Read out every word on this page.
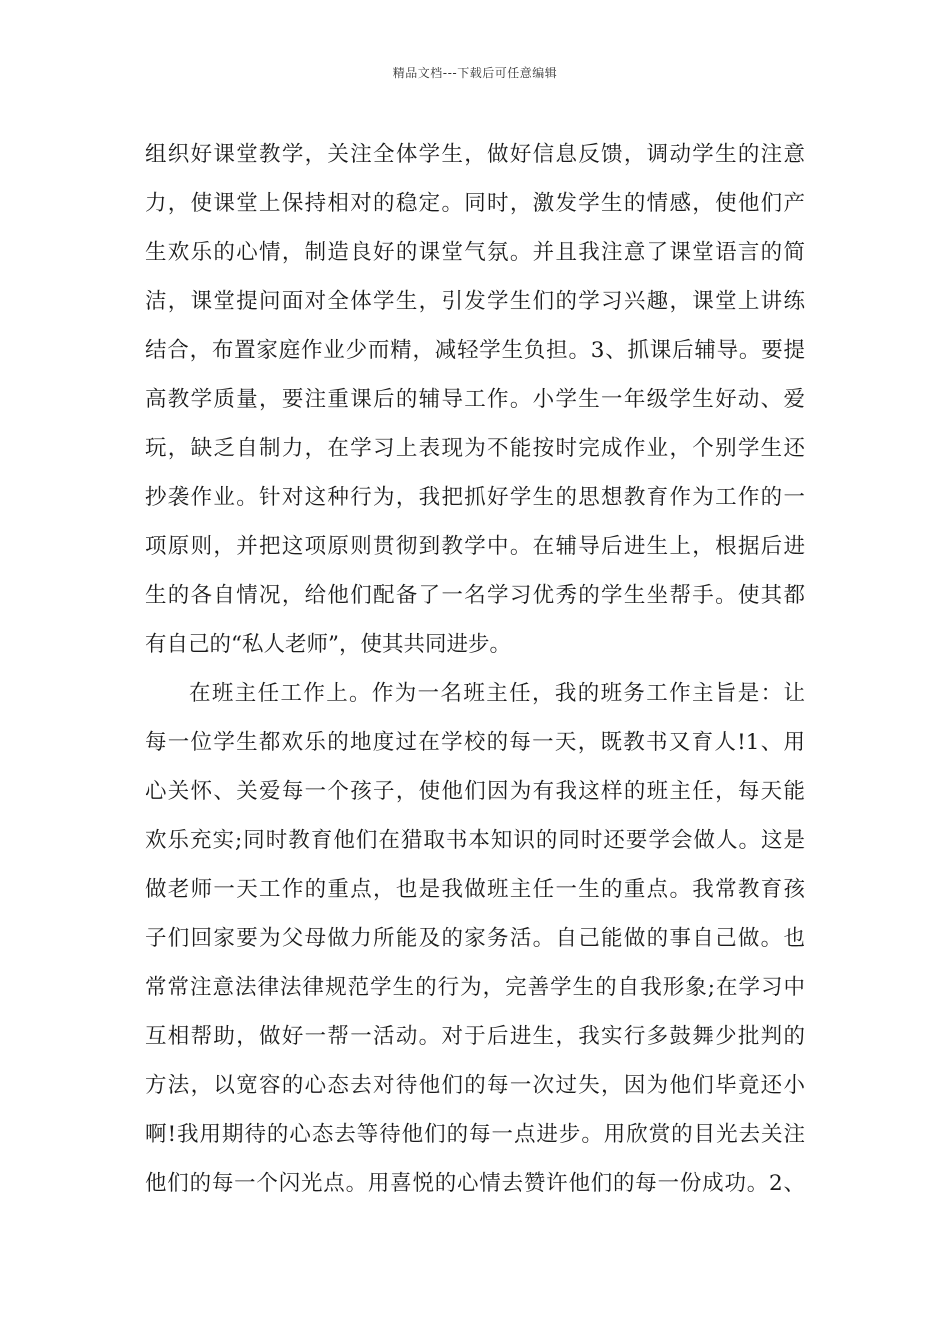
精品文档---下载后可任意编辑
组织好课堂教学，关注全体学生，做好信息反馈，调动学生的注意
力，使课堂上保持相对的稳定。同时，激发学生的情感，使他们产
生欢乐的心情，制造良好的课堂气氛。并且我注意了课堂语言的简
洁，课堂提问面对全体学生，引发学生们的学习兴趣，课堂上讲练
结合，布置家庭作业少而精，减轻学生负担。3、抓课后辅导。要提
高教学质量，要注重课后的辅导工作。小学生一年级学生好动、爱
玩，缺乏自制力，在学习上表现为不能按时完成作业，个别学生还
抄袭作业。针对这种行为，我把抓好学生的思想教育作为工作的一
项原则，并把这项原则贯彻到教学中。在辅导后进生上，根据后进
生的各自情况，给他们配备了一名学习优秀的学生坐帮手。使其都
有自己的“私人老师”，使其共同进步。
在班主任工作上。作为一名班主任，我的班务工作主旨是：让
每一位学生都欢乐的地度过在学校的每一天，既教书又育人!1、用
心关怀、关爱每一个孩子，使他们因为有我这样的班主任，每天能
欢乐充实;同时教育他们在猎取书本知识的同时还要学会做人。这是
做老师一天工作的重点，也是我做班主任一生的重点。我常教育孩
子们回家要为父母做力所能及的家务活。自己能做的事自己做。也
常常注意法律法律规范学生的行为，完善学生的自我形象;在学习中
互相帮助，做好一帮一活动。对于后进生，我实行多鼓舞少批判的
方法，以宽容的心态去对待他们的每一次过失，因为他们毕竟还小
啊!我用期待的心态去等待他们的每一点进步。用欣赏的目光去关注
他们的每一个闪光点。用喜悦的心情去赞许他们的每一份成功。2、
